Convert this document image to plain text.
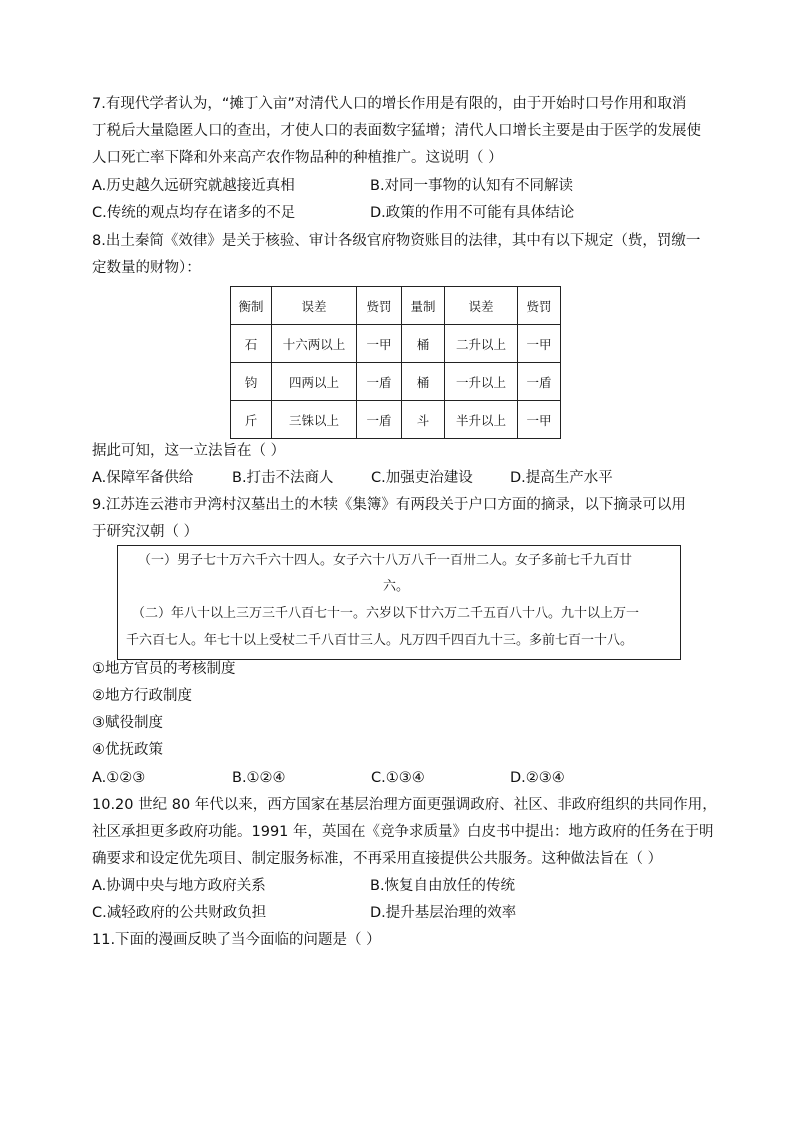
7.有现代学者认为，“摊丁入亩”对清代人口的增长作用是有限的，由于开始时口号作用和取消
丁税后大量隐匿人口的查出，才使人口的表面数字猛增；清代人口增长主要是由于医学的发展使
人口死亡率下降和外来高产农作物品种的种植推广。这说明（ ）
A.历史越久远研究就越接近真相	B.对同一事物的认知有不同解读
C.传统的观点均存在诸多的不足	D.政策的作用不可能有具体结论
8.出土秦简《效律》是关于核验、审计各级官府物资账目的法律，其中有以下规定（赀，罚缴一
定数量的财物）：
衡制	误差	赀罚	量制	误差	赀罚
石	十六两以上	一甲	桶	二升以上	一甲
钧	四两以上	一盾	桶	一升以上	一盾
斤	三铢以上	一盾	斗	半升以上	一甲
据此可知，这一立法旨在（ ）
A.保障军备供给	B.打击不法商人	C.加强吏治建设	D.提高生产水平
9.江苏连云港市尹湾村汉墓出土的木犊《集簿》有两段关于户口方面的摘录，以下摘录可以用
于研究汉朝（ ）
（一）男子七十万六千六十四人。女子六十八万八千一百卅二人。女子多前七千九百廿
六。
（二）年八十以上三万三千八百七十一。六岁以下廿六万二千五百八十八。九十以上万一
千六百七人。年七十以上受杖二千八百廿三人。凡万四千四百九十三。多前七百一十八。
①地方官员的考核制度
②地方行政制度
③赋役制度
④优抚政策
A.①②③	B.①②④	C.①③④	D.②③④
10.20 世纪 80 年代以来，西方国家在基层治理方面更强调政府、社区、非政府组织的共同作用，
社区承担更多政府功能。1991 年，英国在《竞争求质量》白皮书中提出：地方政府的任务在于明
确要求和设定优先项目、制定服务标准，不再采用直接提供公共服务。这种做法旨在（ ）
A.协调中央与地方政府关系	B.恢复自由放任的传统
C.减轻政府的公共财政负担	D.提升基层治理的效率
11.下面的漫画反映了当今面临的问题是（ ）
